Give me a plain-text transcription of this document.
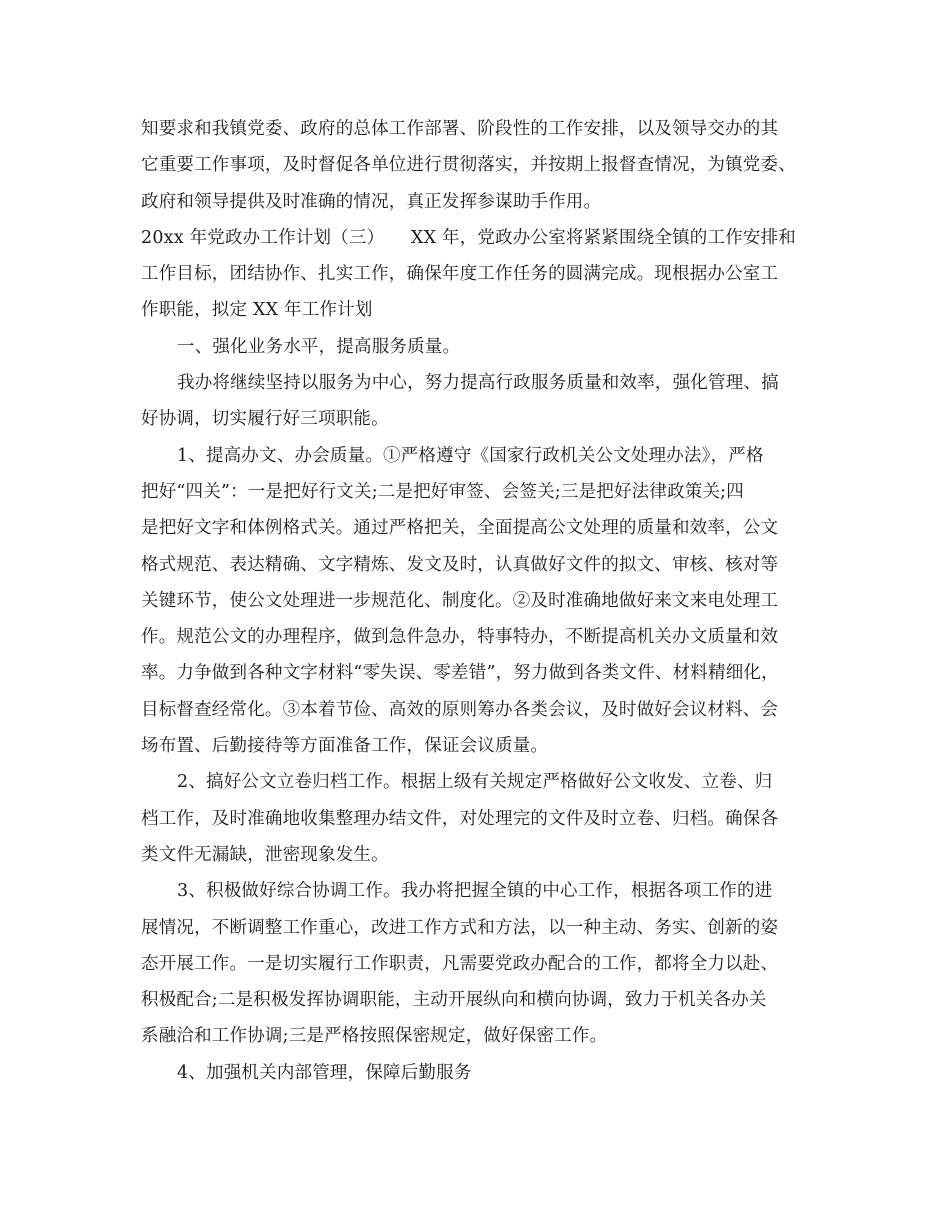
知要求和我镇党委、政府的总体工作部署、阶段性的工作安排，以及领导交办的其
它重要工作事项，及时督促各单位进行贯彻落实，并按期上报督查情况，为镇党委、
政府和领导提供及时准确的情况，真正发挥参谋助手作用。
20xx 年党政办工作计划（三）　　XX 年，党政办公室将紧紧围绕全镇的工作安排和
工作目标，团结协作、扎实工作，确保年度工作任务的圆满完成。现根据办公室工
作职能，拟定 XX 年工作计划
一、强化业务水平，提高服务质量。
我办将继续坚持以服务为中心，努力提高行政服务质量和效率，强化管理、搞
好协调，切实履行好三项职能。
1、提高办文、办会质量。①严格遵守《国家行政机关公文处理办法》，严格
把好“四关”：一是把好行文关;二是把好审签、会签关;三是把好法律政策关;四
是把好文字和体例格式关。通过严格把关，全面提高公文处理的质量和效率，公文
格式规范、表达精确、文字精炼、发文及时，认真做好文件的拟文、审核、核对等
关键环节，使公文处理进一步规范化、制度化。②及时准确地做好来文来电处理工
作。规范公文的办理程序，做到急件急办，特事特办，不断提高机关办文质量和效
率。力争做到各种文字材料“零失误、零差错”，努力做到各类文件、材料精细化，
目标督查经常化。③本着节俭、高效的原则筹办各类会议，及时做好会议材料、会
场布置、后勤接待等方面准备工作，保证会议质量。
2、搞好公文立卷归档工作。根据上级有关规定严格做好公文收发、立卷、归
档工作，及时准确地收集整理办结文件，对处理完的文件及时立卷、归档。确保各
类文件无漏缺，泄密现象发生。
3、积极做好综合协调工作。我办将把握全镇的中心工作，根据各项工作的进
展情况，不断调整工作重心，改进工作方式和方法，以一种主动、务实、创新的姿
态开展工作。一是切实履行工作职责，凡需要党政办配合的工作，都将全力以赴、
积极配合;二是积极发挥协调职能，主动开展纵向和横向协调，致力于机关各办关
系融洽和工作协调;三是严格按照保密规定，做好保密工作。
4、加强机关内部管理，保障后勤服务
